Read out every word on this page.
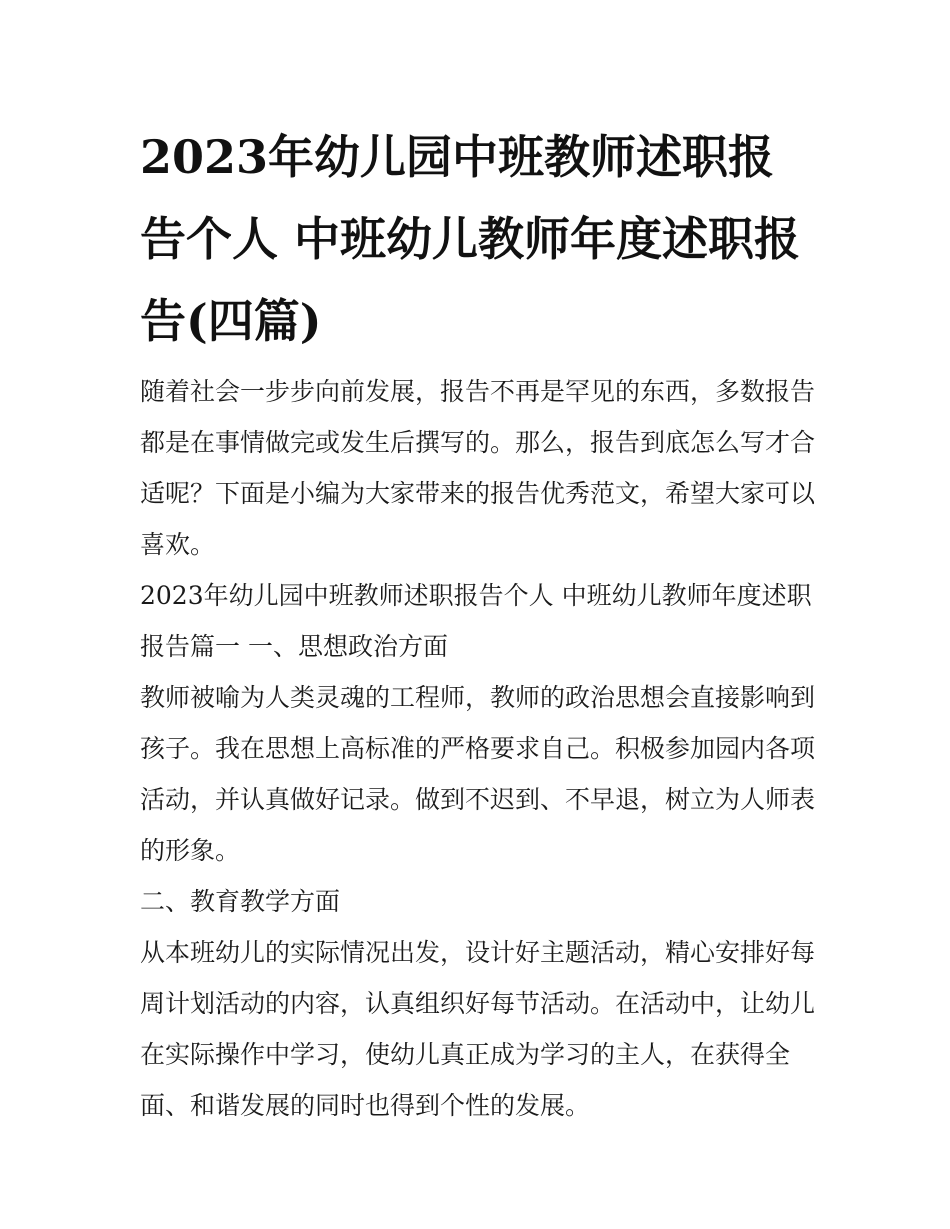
2023年幼儿园中班教师述职报告个人 中班幼儿教师年度述职报告(四篇)

随着社会一步步向前发展，报告不再是罕见的东西，多数报告都是在事情做完或发生后撰写的。那么，报告到底怎么写才合适呢？下面是小编为大家带来的报告优秀范文，希望大家可以喜欢。

2023年幼儿园中班教师述职报告个人 中班幼儿教师年度述职报告篇一 一、思想政治方面

教师被喻为人类灵魂的工程师，教师的政治思想会直接影响到孩子。我在思想上高标准的严格要求自己。积极参加园内各项活动，并认真做好记录。做到不迟到、不早退，树立为人师表的形象。

二、教育教学方面

从本班幼儿的实际情况出发，设计好主题活动，精心安排好每周计划活动的内容，认真组织好每节活动。在活动中，让幼儿在实际操作中学习，使幼儿真正成为学习的主人，在获得全面、和谐发展的同时也得到个性的发展。
